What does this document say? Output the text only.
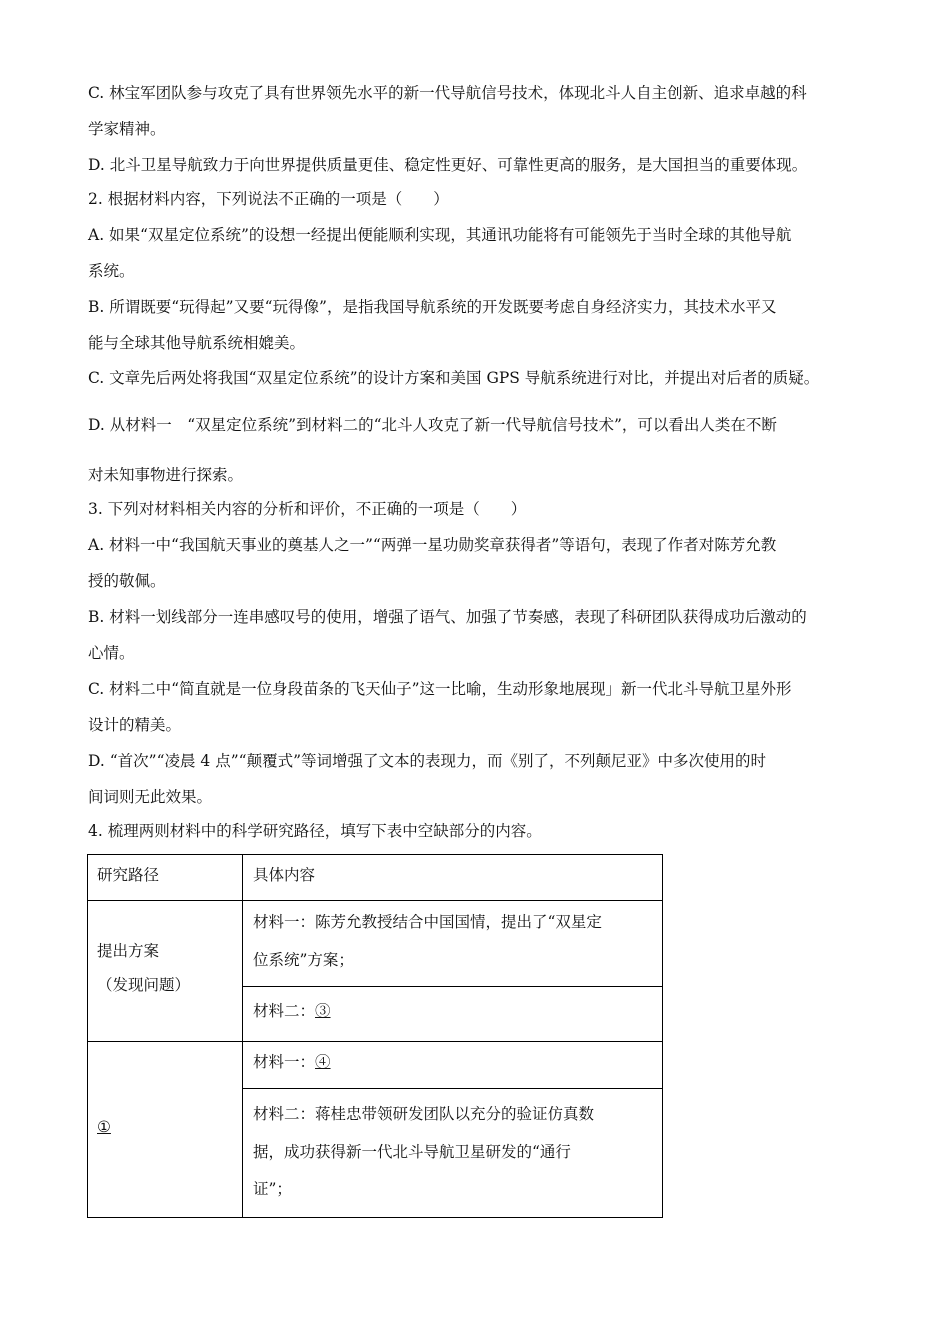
C. 林宝军团队参与攻克了具有世界领先水平的新一代导航信号技术，体现北斗人自主创新、追求卓越的科
学家精神。
D. 北斗卫星导航致力于向世界提供质量更佳、稳定性更好、可靠性更高的服务，是大国担当的重要体现。
2. 根据材料内容，下列说法不正确的一项是（　　）
A. 如果“双星定位系统”的设想一经提出便能顺利实现，其通讯功能将有可能领先于当时全球的其他导航
系统。
B. 所谓既要“玩得起”又要“玩得像”，是指我国导航系统的开发既要考虑自身经济实力，其技术水平又
能与全球其他导航系统相媲美。
C. 文章先后两处将我国“双星定位系统”的设计方案和美国 GPS 导航系统进行对比，并提出对后者的质疑。
D. 从材料一　“双星定位系统”到材料二的“北斗人攻克了新一代导航信号技术”，可以看出人类在不断
对未知事物进行探索。
3. 下列对材料相关内容的分析和评价，不正确的一项是（　　）
A. 材料一中“我国航天事业的奠基人之一”“两弹一星功勋奖章获得者”等语句，表现了作者对陈芳允教
授的敬佩。
B. 材料一划线部分一连串感叹号的使用，增强了语气、加强了节奏感，表现了科研团队获得成功后激动的
心情。
C. 材料二中“简直就是一位身段苗条的飞天仙子”这一比喻，生动形象地展现」新一代北斗导航卫星外形
设计的精美。
D. “首次”“凌晨 4 点”“颠覆式”等词增强了文本的表现力，而《别了，不列颠尼亚》中多次使用的时
间词则无此效果。
4. 梳理两则材料中的科学研究路径，填写下表中空缺部分的内容。
研究路径	具体内容
提出方案
（发现问题）
材料一：陈芳允教授结合中国国情，提出了“双星定
位系统”方案；
材料二：③
①
材料一：④
材料二：蒋桂忠带领研发团队以充分的验证仿真数
据，成功获得新一代北斗导航卫星研发的“通行
证”；
